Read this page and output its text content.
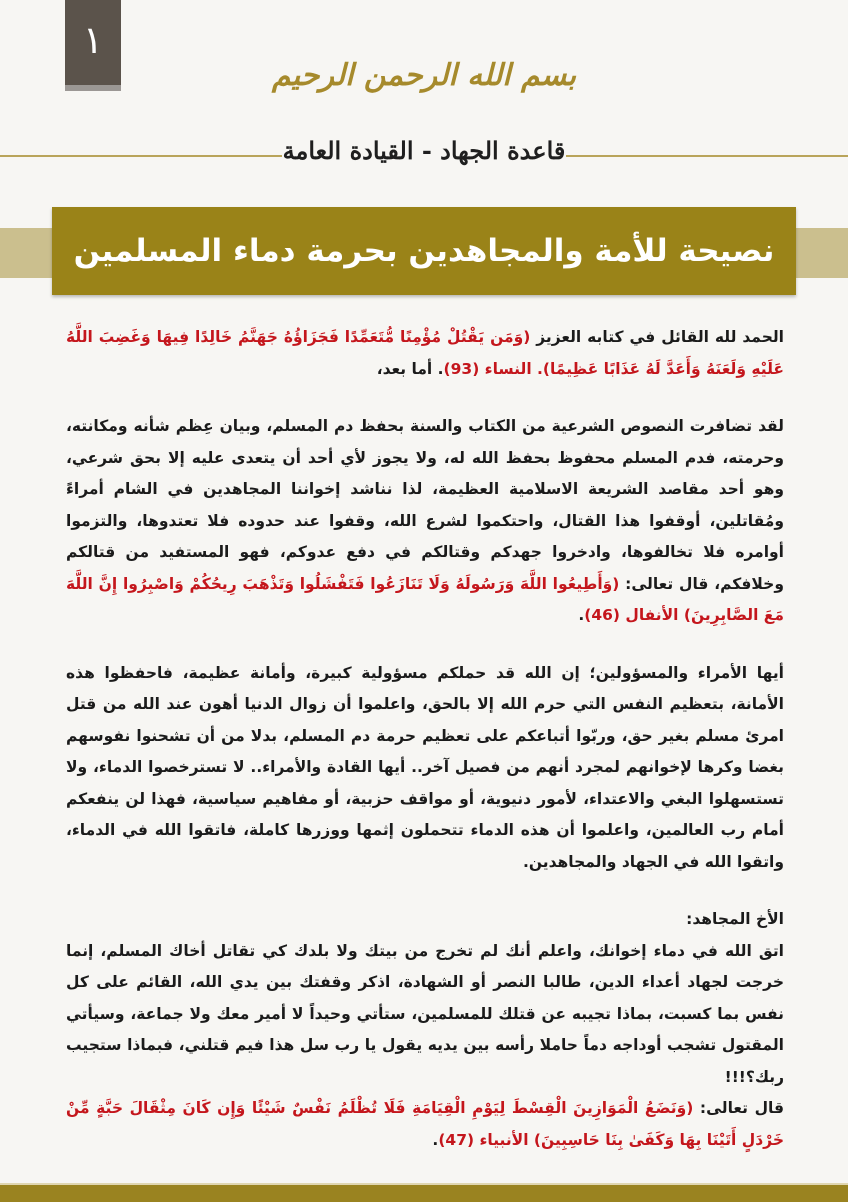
١
بسم الله الرحمن الرحيم
قاعدة الجهاد - القيادة العامة
نصيحة للأمة والمجاهدين بحرمة دماء المسلمين

الحمد لله القائل في كتابه العزيز (وَمَن يَقْتُلْ مُؤْمِنًا مُّتَعَمِّدًا فَجَزَاؤُهُ جَهَنَّمُ خَالِدًا فِيهَا وَغَضِبَ اللَّهُ عَلَيْهِ وَلَعَنَهُ وَأَعَدَّ لَهُ عَذَابًا عَظِيمًا). النساء (93). أما بعد،

لقد تضافرت النصوص الشرعية من الكتاب والسنة بحفظ دم المسلم، وبيان عِظم شأنه ومكانته، وحرمته، فدم المسلم محفوظ بحفظ الله له، ولا يجوز لأي أحد أن يتعدى عليه إلا بحق شرعي، وهو أحد مقاصد الشريعة الاسلامية العظيمة، لذا نناشد إخواننا المجاهدين في الشام أمراءً ومُقاتلين، أوقفوا هذا القتال، واحتكموا لشرع الله، وقفوا عند حدوده فلا تعتدوها، والتزموا أوامره فلا تخالفوها، وادخروا جهدكم وقتالكم في دفع عدوكم، فهو المستفيد من قتالكم وخلافكم، قال تعالى: (وَأَطِيعُوا اللَّهَ وَرَسُولَهُ وَلَا تَنَازَعُوا فَتَفْشَلُوا وَتَذْهَبَ رِيحُكُمْ وَاصْبِرُوا إِنَّ اللَّهَ مَعَ الصَّابِرِينَ) الأنفال (46).

أيها الأمراء والمسؤولين؛ إن الله قد حملكم مسؤولية كبيرة، وأمانة عظيمة، فاحفظوا هذه الأمانة، بتعظيم النفس التي حرم الله إلا بالحق، واعلموا أن زوال الدنيا أهون عند الله من قتل امرئ مسلم بغير حق، وربّوا أتباعكم على تعظيم حرمة دم المسلم، بدلا من أن تشحنوا نفوسهم بغضا وكرها لإخوانهم لمجرد أنهم من فصيل آخر.. أيها القادة والأمراء.. لا تسترخصوا الدماء، ولا تستسهلوا البغي والاعتداء، لأمور دنيوية، أو مواقف حزبية، أو مفاهيم سياسية، فهذا لن ينفعكم أمام رب العالمين، واعلموا أن هذه الدماء تتحملون إثمها ووزرها كاملة، فاتقوا الله في الدماء، واتقوا الله في الجهاد والمجاهدين.

الأخ المجاهد:

اتق الله في دماء إخوانك، واعلم أنك لم تخرج من بيتك ولا بلدك كي تقاتل أخاك المسلم، إنما خرجت لجهاد أعداء الدين، طالبا النصر أو الشهادة، اذكر وقفتك بين يدي الله، القائم على كل نفس بما كسبت، بماذا تجيبه عن قتلك للمسلمين، ستأتي وحيداً لا أمير معك ولا جماعة، وسيأتي المقتول تشجب أوداجه دماً حاملا رأسه بين يديه يقول يا رب سل هذا فيم قتلني، فبماذا ستجيب ربك؟!!!

قال تعالى: (وَنَضَعُ الْمَوَازِينَ الْقِسْطَ لِيَوْمِ الْقِيَامَةِ فَلَا تُظْلَمُ نَفْسٌ شَيْئًا وَإِن كَانَ مِثْقَالَ حَبَّةٍ مِّنْ خَرْدَلٍ أَتَيْنَا بِهَا وَكَفَىٰ بِنَا حَاسِبِينَ) الأنبياء (47).
